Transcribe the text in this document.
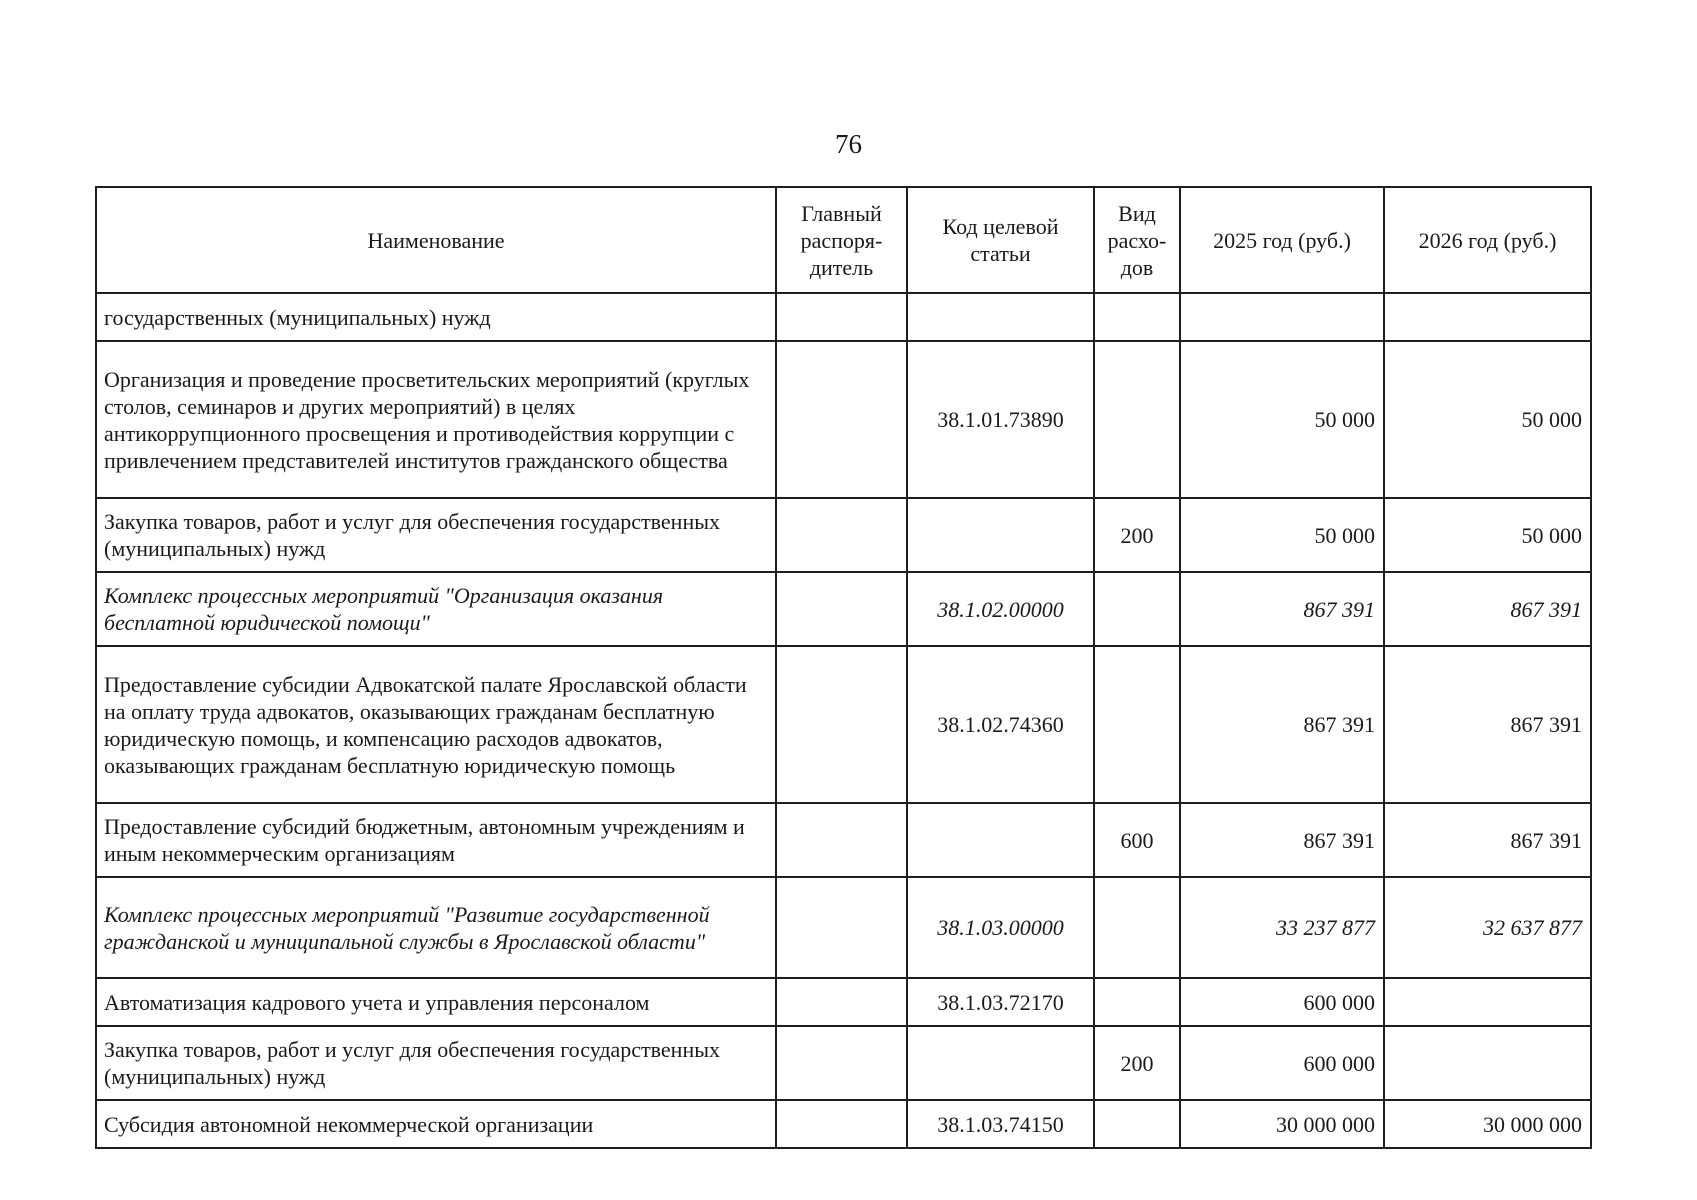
76
Наименование	Главный распоря-дитель	Код целевой статьи	Вид расхо-дов	2025 год (руб.)	2026 год (руб.)
государственных (муниципальных) нужд					
Организация и проведение просветительских мероприятий (круглых столов, семинаров и других мероприятий) в целях антикоррупционного просвещения и противодействия коррупции с привлечением представителей институтов гражданского общества		38.1.01.73890		50 000	50 000
Закупка товаров, работ и услуг для обеспечения государственных (муниципальных) нужд			200	50 000	50 000
Комплекс процессных мероприятий "Организация оказания бесплатной юридической помощи"		38.1.02.00000		867 391	867 391
Предоставление субсидии Адвокатской палате Ярославской области на оплату труда адвокатов, оказывающих гражданам бесплатную юридическую помощь, и компенсацию расходов адвокатов, оказывающих гражданам бесплатную юридическую помощь		38.1.02.74360		867 391	867 391
Предоставление субсидий бюджетным, автономным учреждениям и иным некоммерческим организациям			600	867 391	867 391
Комплекс процессных мероприятий "Развитие государственной гражданской и муниципальной службы в Ярославской области"		38.1.03.00000		33 237 877	32 637 877
Автоматизация кадрового учета и управления персоналом		38.1.03.72170		600 000	
Закупка товаров, работ и услуг для обеспечения государственных (муниципальных) нужд			200	600 000	
Субсидия автономной некоммерческой организации		38.1.03.74150		30 000 000	30 000 000
